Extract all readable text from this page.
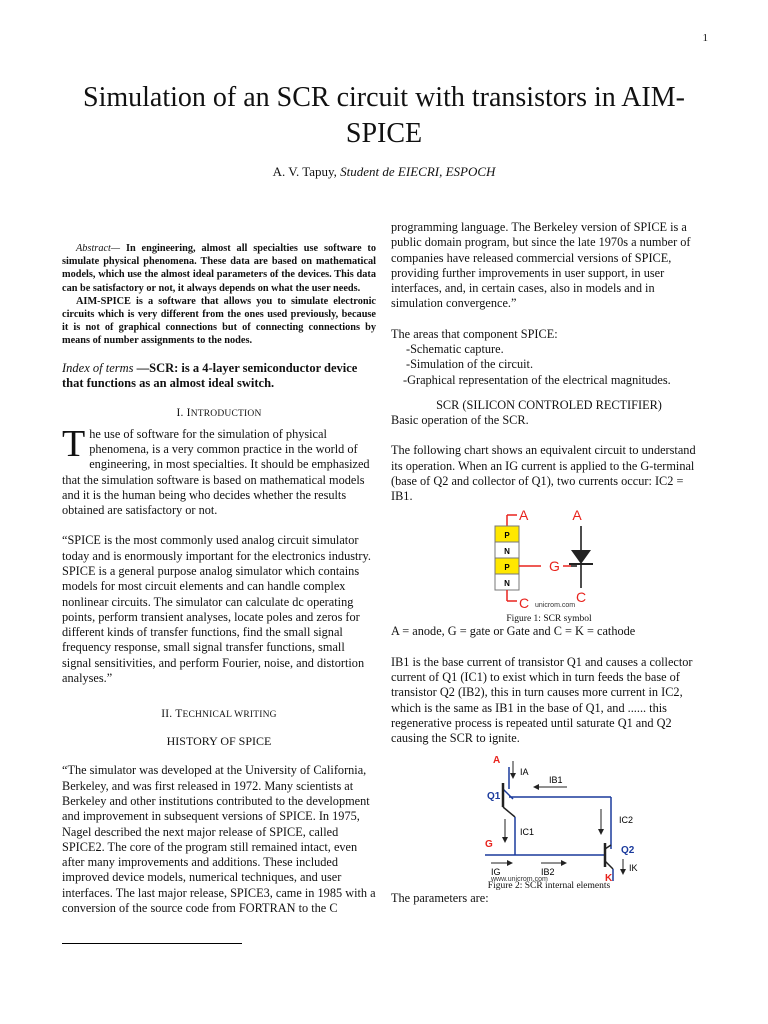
1
Simulation of an SCR circuit with transistors in AIM-SPICE
A. V. Tapuy, Student de EIECRI, ESPOCH

Abstract— In engineering, almost all specialties use software to simulate physical phenomena. These data are based on mathematical models, which use the almost ideal parameters of the devices. This data can be satisfactory or not, it always depends on what the user needs.

AIM-SPICE is a software that allows you to simulate electronic circuits which is very different from the ones used previously, because it is not of graphical connections but of connecting connections by means of number assignments to the nodes.

Index of terms —SCR: is a 4-layer semiconductor device that functions as an almost ideal switch.
I. INTRODUCTION

The use of software for the simulation of physical phenomena, is a very common practice in the world of engineering, in most specialties. It should be emphasized that the simulation software is based on mathematical models and it is the human being who decides whether the results obtained are satisfactory or not.

“SPICE is the most commonly used analog circuit simulator today and is enormously important for the electronics industry. SPICE is a general purpose analog simulator which contains models for most circuit elements and can handle complex nonlinear circuits. The simulator can calculate dc operating points, perform transient analyses, locate poles and zeros for different kinds of transfer functions, find the small signal frequency response, small signal transfer functions, small signal sensitivities, and perform Fourier, noise, and distortion analyses.”

II. TECHNICAL WRITING
HISTORY OF SPICE

“The simulator was developed at the University of California, Berkeley, and was first released in 1972. Many scientists at Berkeley and other institutions contributed to the development and improvement in subsequent versions of SPICE. In 1975, Nagel described the next major release of SPICE, called SPICE2. The core of the program still remained intact, even after many improvements and additions. These included improved device models, numerical techniques, and user interfaces. The last major release, SPICE3, came in 1985 with a conversion of the source code from FORTRAN to the C

programming language. The Berkeley version of SPICE is a public domain program, but since the late 1970s a number of companies have released commercial versions of SPICE, providing further improvements in user support, in user interfaces, and, in certain cases, also in models and in simulation convergence.”

The areas that component SPICE:

-Schematic capture.
-Simulation of the circuit.
-Graphical representation of the electrical magnitudes.
SCR (SILICON CONTROLED RECTIFIER)

Basic operation of the SCR.

The following chart shows an equivalent circuit to understand its operation. When an IG current is applied to the G-terminal (base of Q2 and collector of Q1), two currents occur: IC2 = IB1.

A
P
N
P
N
C
G
A
C
unicrom.com
Figure 1: SCR symbol

A = anode, G = gate or Gate and C = K = cathode

IB1 is the base current of transistor Q1 and causes a collector current of Q1 (IC1) to exist which in turn feeds the base of transistor Q2 (IB2), this in turn causes more current in IC2, which is the same as IB1 in the base of Q1, and ...... this regenerative process is repeated until saturate Q1 and Q2 causing the SCR to ignite.

A
IA
Q1
IB1
IC2
IC1
G
IG	IB2
Q2
IK
K
www.unicrom.com
Figure 2: SCR internal elements

The parameters are:
